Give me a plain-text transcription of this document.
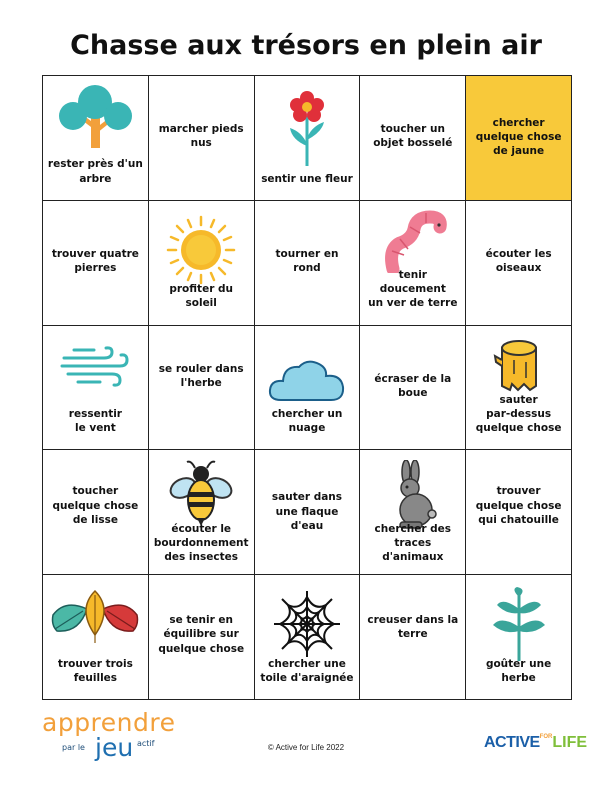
Chasse aux trésors en plein air
rester près d'un
arbre
marcher pieds
nus
sentir une fleur
toucher un
objet bosselé
chercher
quelque chose
de jaune
trouver quatre
pierres
profiter du soleil
tourner en
rond
tenir doucement
un ver de terre
écouter les
oiseaux
ressentir
le vent
se rouler dans
l'herbe
chercher un
nuage
écraser de la
boue
sauter
par-dessus
quelque chose
toucher
quelque chose
de lisse
écouter le
bourdonnement
des insectes
sauter dans
une flaque
d'eau	chercher des
traces d'animaux
trouver
quelque chose
qui chatouille
trouver trois
feuilles
se tenir en
équilibre sur
quelque chose
chercher une
toile d'araignée
creuser dans la
terre
goûter une herbe
apprendre
par le jeu actif	© Active for Life 2022	$ACTIVE^{FOR}LIFE$
